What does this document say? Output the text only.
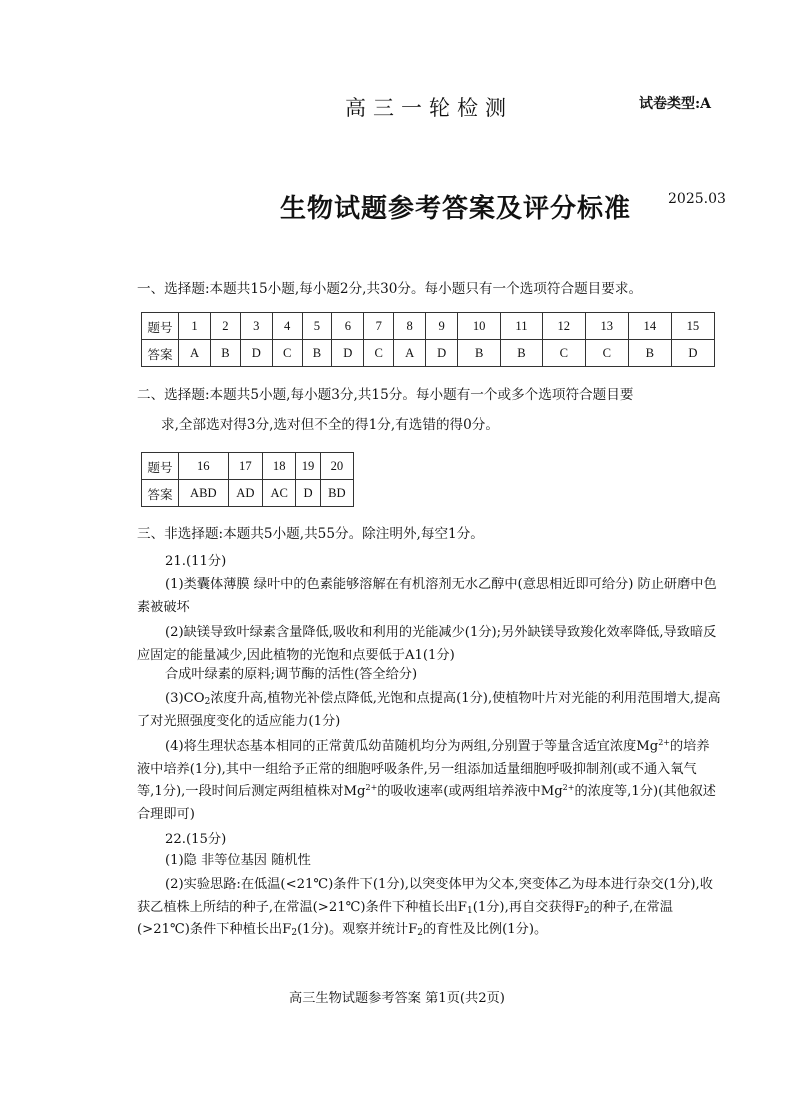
高三一轮检测	试卷类型:A
生物试题参考答案及评分标准	2025.03
一、选择题:本题共15小题,每小题2分,共30分。每小题只有一个选项符合题目要求。
题号	1	2	3	4	5	6	7	8	9	10	11	12	13	14	15
答案	A	B	D	C	B	D	C	A	D	B	B	C	C	B	D
二、选择题:本题共5小题,每小题3分,共15分。每小题有一个或多个选项符合题目要
求,全部选对得3分,选对但不全的得1分,有选错的得0分。
题号	16	17	18	19	20
答案	ABD	AD	AC	D	BD
三、非选择题:本题共5小题,共55分。除注明外,每空1分。
21.(11分)
(1)类囊体薄膜 绿叶中的色素能够溶解在有机溶剂无水乙醇中(意思相近即可给分) 防止研磨中色素被破坏
(2)缺镁导致叶绿素含量降低,吸收和利用的光能减少(1分);另外缺镁导致羧化效率降低,导致暗反应固定的能量减少,因此植物的光饱和点要低于A1(1分)
合成叶绿素的原料;调节酶的活性(答全给分)
$(3)CO_2$浓度升高,植物光补偿点降低,光饱和点提高(1分),使植物叶片对光能的利用范围增大,提高了对光照强度变化的适应能力(1分)
(4)将生理状态基本相同的正常黄瓜幼苗随机均分为两组,分别置于等量含适宜浓度$Mg^{2+}$的培养液中培养(1分),其中一组给予正常的细胞呼吸条件,另一组添加适量细胞呼吸抑制剂(或不通入氧气等,1分),一段时间后测定两组植株对$Mg^{2+}$的吸收速率(或两组培养液中$Mg^{2+}$的浓度等,1分)(其他叙述合理即可)
22.(15分)
(1)隐 非等位基因 随机性
(2)实验思路:在低温(<21℃)条件下(1分),以突变体甲为父本,突变体乙为母本进行杂交(1分),收获乙植株上所结的种子,在常温(>21℃)条件下种植长出$F_1(1$分),再自交获得$F_2$的种子,在常温(>21℃)条件下种植长出$F_2(1$分)。观察并统计$F_2$的育性及比例(1分)。
高三生物试题参考答案 第1页(共2页)
